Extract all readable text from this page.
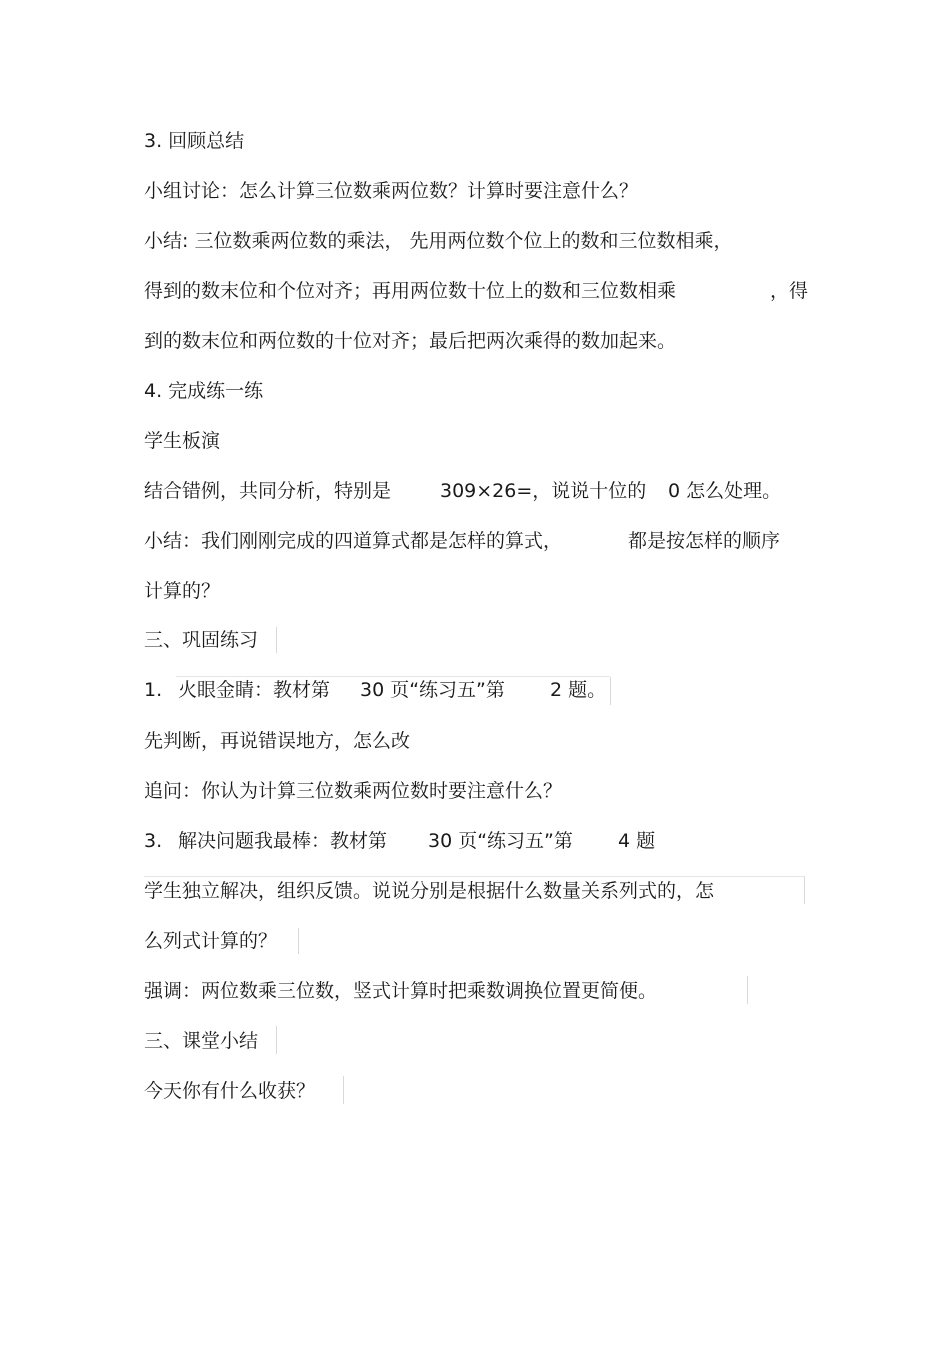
3. 回顾总结
小组讨论：怎么计算三位数乘两位数？计算时要注意什么？
小结: 三位数乘两位数的乘法， 先用两位数个位上的数和三位数相乘，
得到的数末位和个位对齐；再用两位数十位上的数和三位数相乘	，得
到的数末位和两位数的十位对齐；最后把两次乘得的数加起来。
4. 完成练一练
学生板演
结合错例，共同分析，特别是	309×26=，说说十位的 0 怎么处理。
小结：我们刚刚完成的四道算式都是怎样的算式，	都是按怎样的顺序
计算的？
三、巩固练习
1. 火眼金睛：教材第 30 页“练习五”第 2 题。
先判断，再说错误地方，怎么改
追问：你认为计算三位数乘两位数时要注意什么？
3. 解决问题我最棒：教材第 30 页“练习五”第 4 题
学生独立解决，组织反馈。说说分别是根据什么数量关系列式的，怎
么列式计算的？
强调：两位数乘三位数，竖式计算时把乘数调换位置更简便。
三、课堂小结
今天你有什么收获？
